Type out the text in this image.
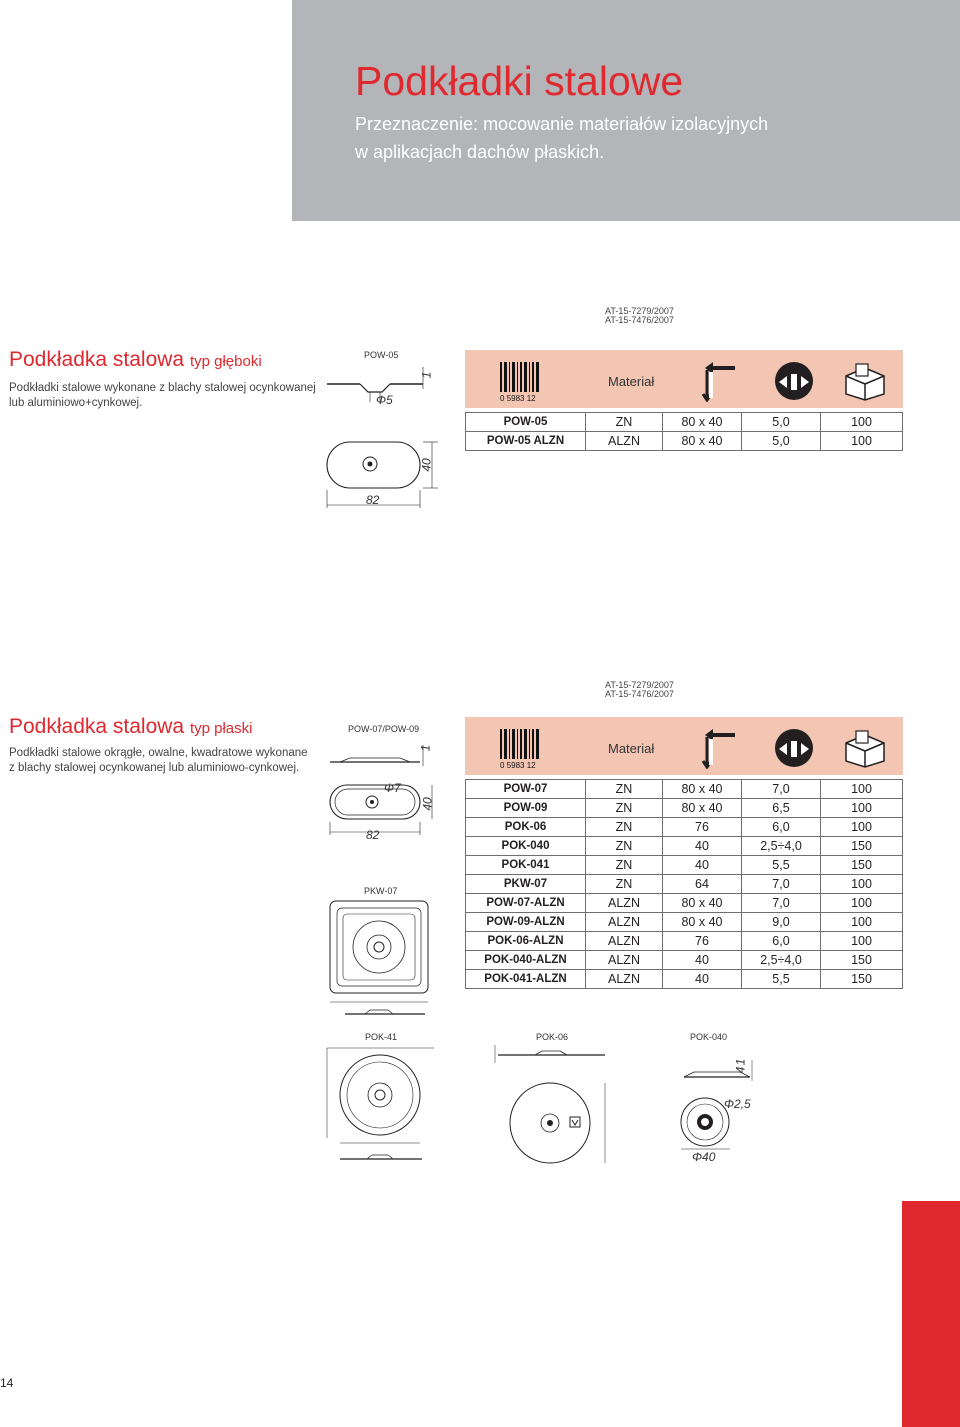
Podkładki stalowe
Przeznaczenie: mocowanie materiałów izolacyjnych
w aplikacjach dachów płaskich.
AT-15-7279/2007
AT-15-7476/2007
Podkładka stalowa typ głęboki
Podkładki stalowe wykonane z blachy stalowej ocynkowanej
lub aluminiowo+cynkowej.
POW-05
Φ5
1
40
82
0 5983 12
Materiał
POW-05	ZN	80 x 40	5,0	100
POW-05 ALZN	ALZN	80 x 40	5,0	100
AT-15-7279/2007
AT-15-7476/2007
Podkładka stalowa typ płaski
Podkładki stalowe okrągłe, owalne, kwadratowe wykonane
z blachy stalowej ocynkowanej lub aluminiowo-cynkowej.
POW-07/POW-09
1
Φ7
40
82
PKW-07
POK-41	POK-06	POK-040
1
4
Φ2,5
Φ40
0 5983 12
Materiał
POW-07	ZN	80 x 40	7,0	100
POW-09	ZN	80 x 40	6,5	100
POK-06	ZN	76	6,0	100
POK-040	ZN	40	2,5÷4,0	150
POK-041	ZN	40	5,5	150
PKW-07	ZN	64	7,0	100
POW-07-ALZN	ALZN	80 x 40	7,0	100
POW-09-ALZN	ALZN	80 x 40	9,0	100
POK-06-ALZN	ALZN	76	6,0	100
POK-040-ALZN	ALZN	40	2,5÷4,0	150
POK-041-ALZN	ALZN	40	5,5	150
14
